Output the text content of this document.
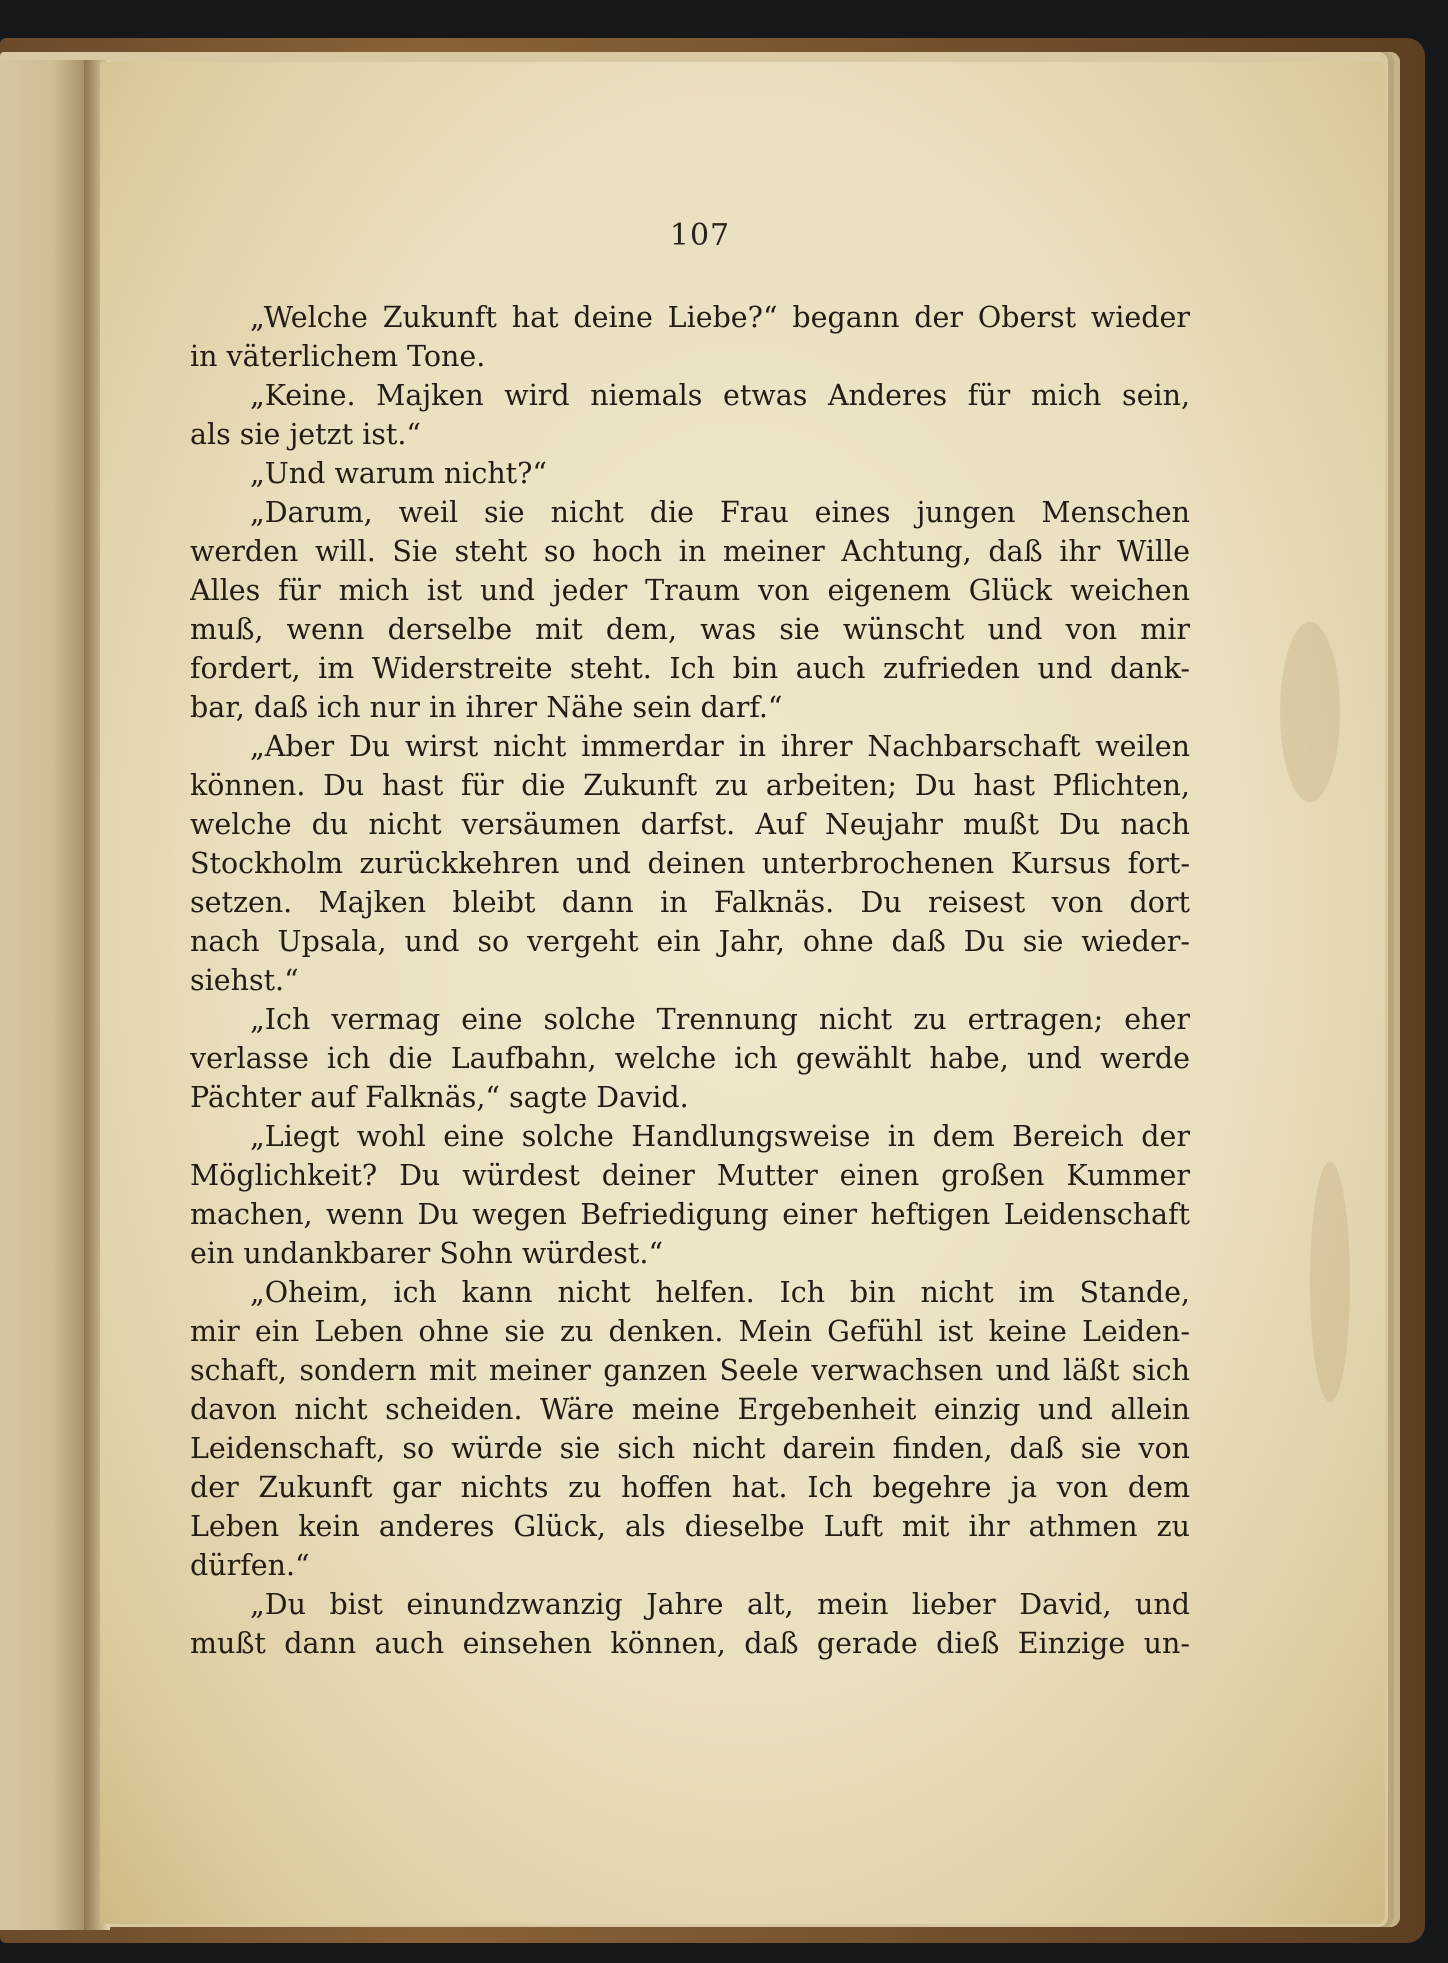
107
„Welche Zukunft hat deine Liebe?“ begann der Oberst wieder
in väterlichem Tone.
„Keine. Majken wird niemals etwas Anderes für mich sein,
als sie jetzt ist.“
„Und warum nicht?“
„Darum, weil sie nicht die Frau eines jungen Menschen
werden will. Sie steht so hoch in meiner Achtung, daß ihr Wille
Alles für mich ist und jeder Traum von eigenem Glück weichen
muß, wenn derselbe mit dem, was sie wünscht und von mir
fordert, im Widerstreite steht. Ich bin auch zufrieden und dank-
bar, daß ich nur in ihrer Nähe sein darf.“
„Aber Du wirst nicht immerdar in ihrer Nachbarschaft weilen
können. Du hast für die Zukunft zu arbeiten; Du hast Pflichten,
welche du nicht versäumen darfst. Auf Neujahr mußt Du nach
Stockholm zurückkehren und deinen unterbrochenen Kursus fort-
setzen. Majken bleibt dann in Falknäs. Du reisest von dort
nach Upsala, und so vergeht ein Jahr, ohne daß Du sie wieder-
siehst.“
„Ich vermag eine solche Trennung nicht zu ertragen; eher
verlasse ich die Laufbahn, welche ich gewählt habe, und werde
Pächter auf Falknäs,“ sagte David.
„Liegt wohl eine solche Handlungsweise in dem Bereich der
Möglichkeit? Du würdest deiner Mutter einen großen Kummer
machen, wenn Du wegen Befriedigung einer heftigen Leidenschaft
ein undankbarer Sohn würdest.“
„Oheim, ich kann nicht helfen. Ich bin nicht im Stande,
mir ein Leben ohne sie zu denken. Mein Gefühl ist keine Leiden-
schaft, sondern mit meiner ganzen Seele verwachsen und läßt sich
davon nicht scheiden. Wäre meine Ergebenheit einzig und allein
Leidenschaft, so würde sie sich nicht darein finden, daß sie von
der Zukunft gar nichts zu hoffen hat. Ich begehre ja von dem
Leben kein anderes Glück, als dieselbe Luft mit ihr athmen zu
dürfen.“
„Du bist einundzwanzig Jahre alt, mein lieber David, und
mußt dann auch einsehen können, daß gerade dieß Einzige un-
